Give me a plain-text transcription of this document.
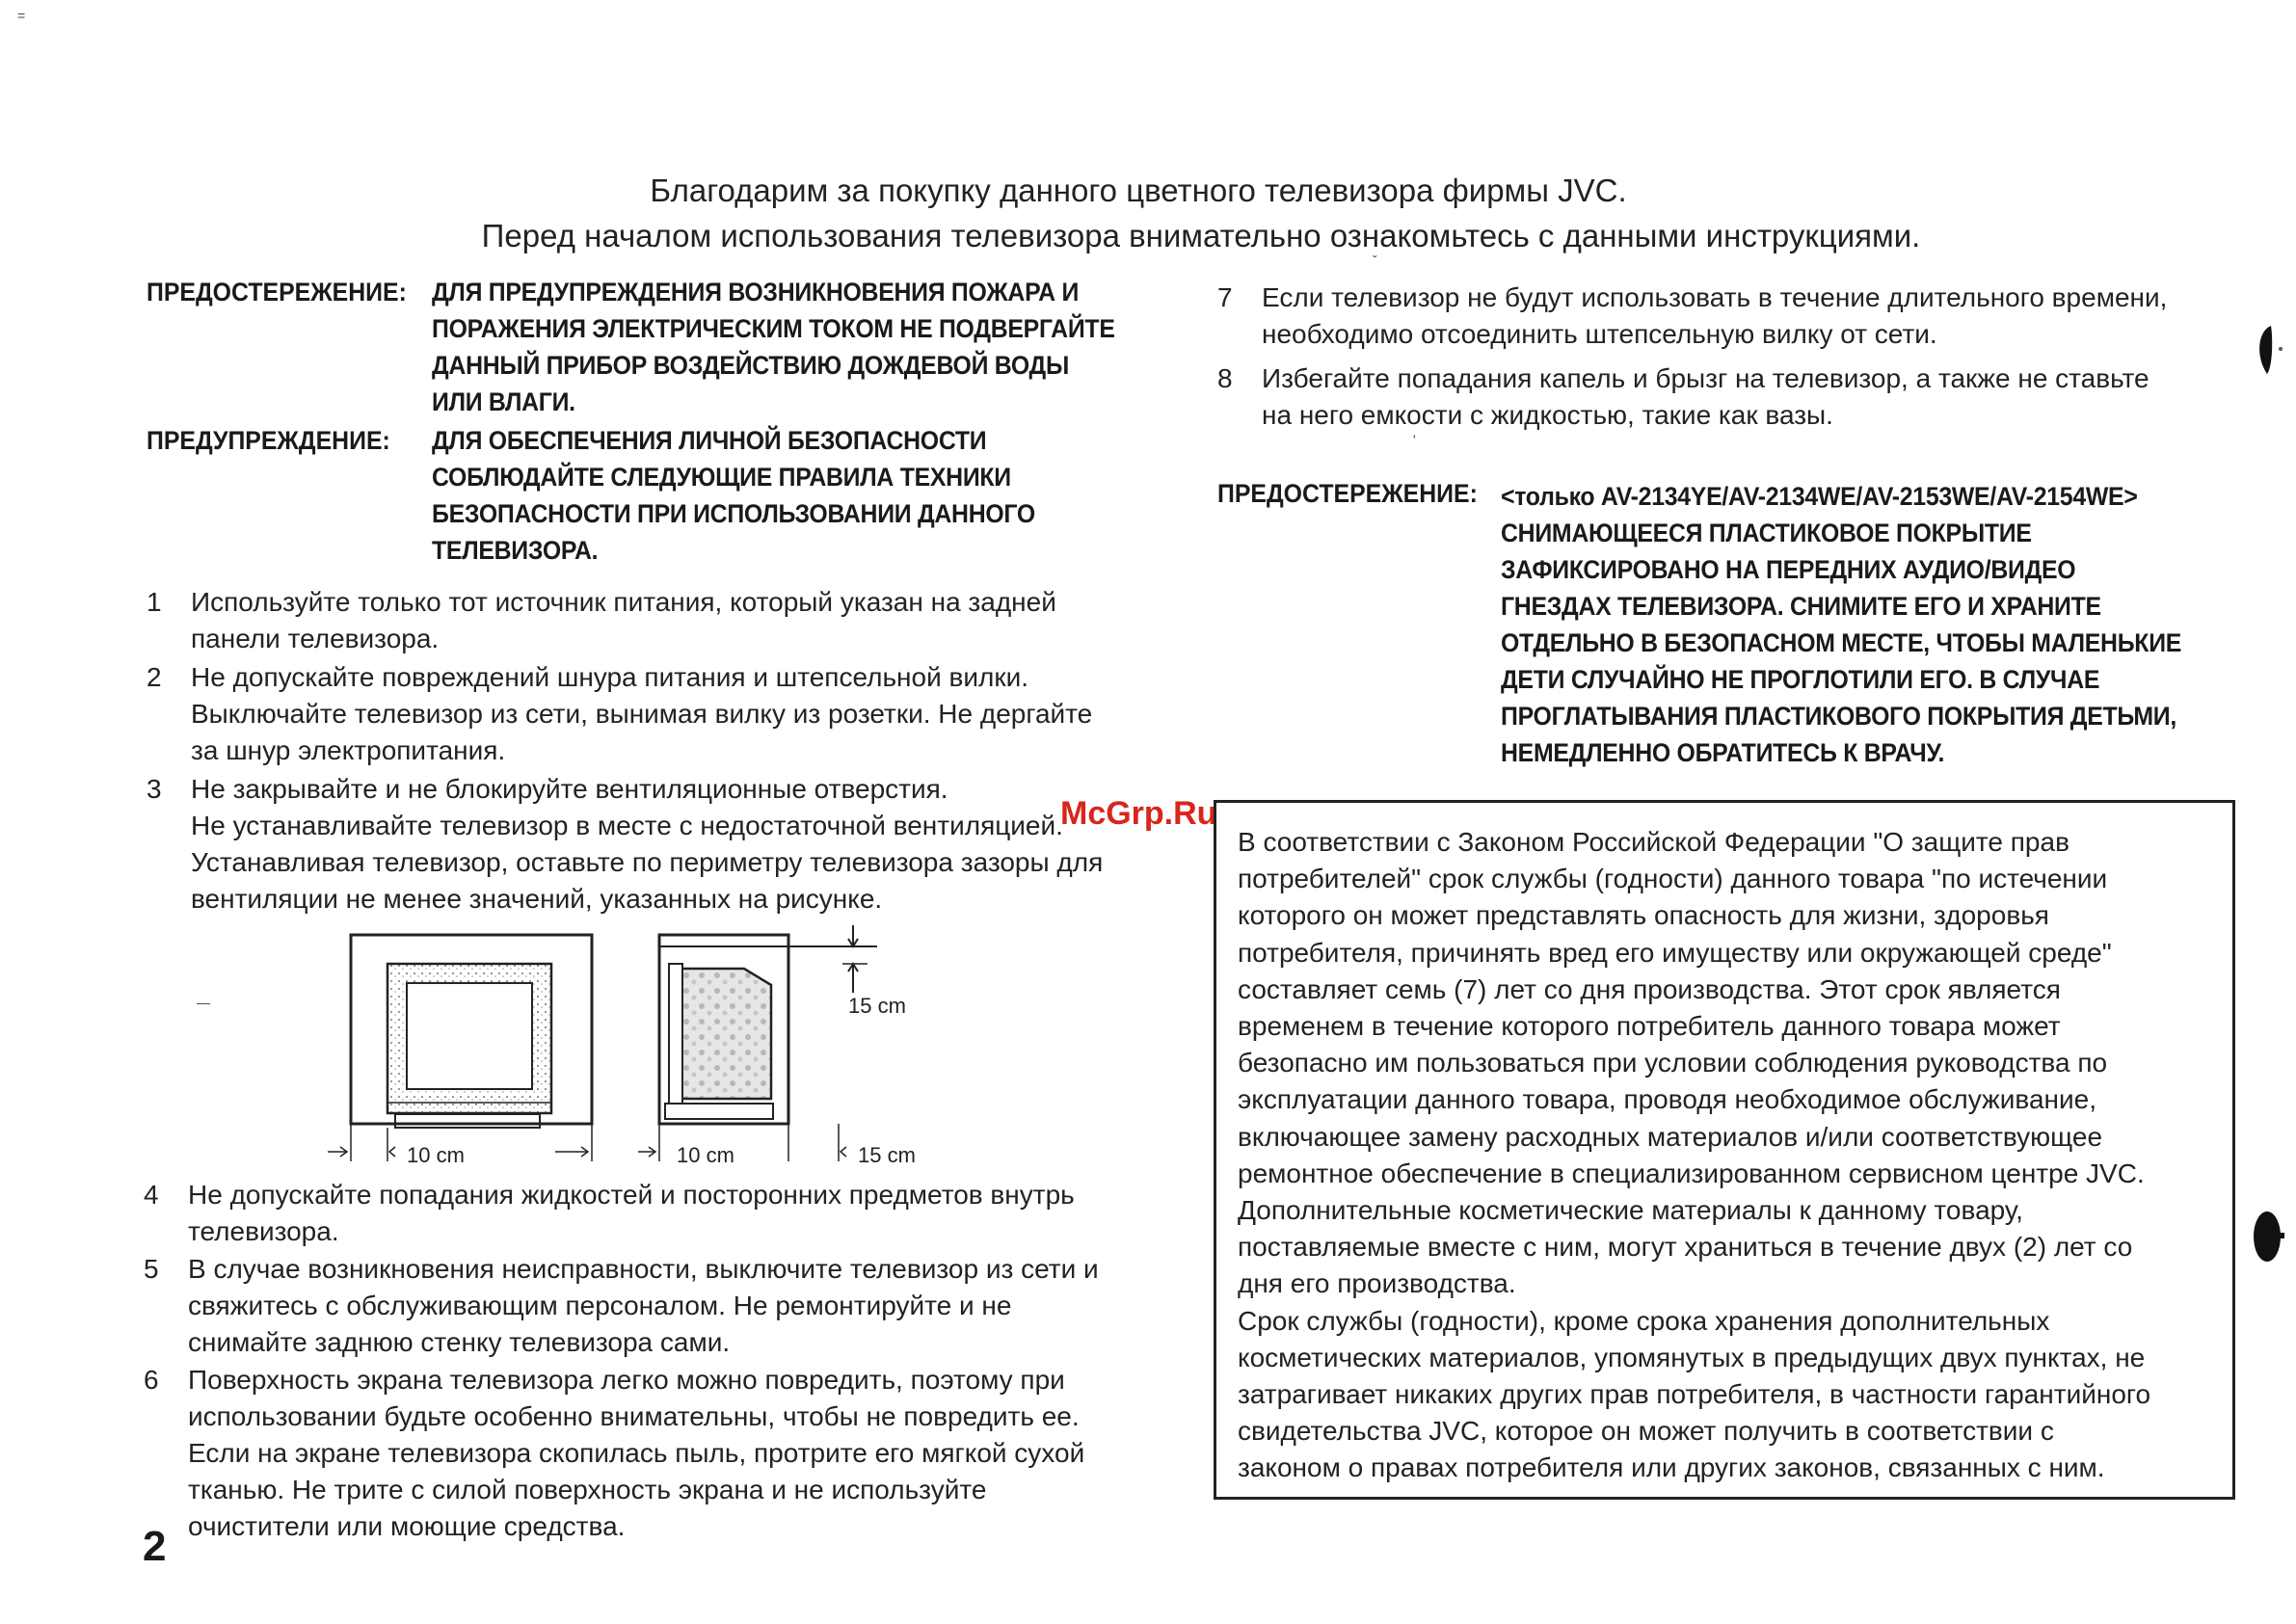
=
Благодарим за покупку данного цветного телевизора фирмы JVC.
Перед началом использования телевизора внимательно ознакомьтесь с данными инструкциями.
ПРЕДОСТЕРЕЖЕНИЕ: ДЛЯ ПРЕДУПРЕЖДЕНИЯ ВОЗНИКНОВЕНИЯ ПОЖАРА И
ПОРАЖЕНИЯ ЭЛЕКТРИЧЕСКИМ ТОКОМ НЕ ПОДВЕРГАЙТЕ
ДАННЫЙ ПРИБОР ВОЗДЕЙСТВИЮ ДОЖДЕВОЙ ВОДЫ
ИЛИ ВЛАГИ.
ПРЕДУПРЕЖДЕНИЕ: ДЛЯ ОБЕСПЕЧЕНИЯ ЛИЧНОЙ БЕЗОПАСНОСТИ
СОБЛЮДАЙТЕ СЛЕДУЮЩИЕ ПРАВИЛА ТЕХНИКИ
БЕЗОПАСНОСТИ ПРИ ИСПОЛЬЗОВАНИИ ДАННОГО
ТЕЛЕВИЗОРА.
1 Используйте только тот источник питания, который указан на задней
панели телевизора.
2 Не допускайте повреждений шнура питания и штепсельной вилки.
Выключайте телевизор из сети, вынимая вилку из розетки. Не дергайте
за шнур электропитания.
3 Не закрывайте и не блокируйте вентиляционные отверстия.
Не устанавливайте телевизор в месте с недостаточной вентиляцией.
Устанавливая телевизор, оставьте по периметру телевизора зазоры для
вентиляции не менее значений, указанных на рисунке.
McGrp.Ru
15 cm
10 cm	10 cm	15 cm
—
4 Не допускайте попадания жидкостей и посторонних предметов внутрь
телевизора.
5 В случае возникновения неисправности, выключите телевизор из сети и
свяжитесь с обслуживающим персоналом. Не ремонтируйте и не
снимайте заднюю стенку телевизора сами.
6 Поверхность экрана телевизора легко можно повредить, поэтому при
использовании будьте особенно внимательны, чтобы не повредить ее.
Если на экране телевизора скопилась пыль, протрите его мягкой сухой
тканью. Не трите с силой поверхность экрана и не используйте
очистители или моющие средства.
2
7 Если телевизор не будут использовать в течение длительного времени,
необходимо отсоединить штепсельную вилку от сети.
8 Избегайте попадания капель и брызг на телевизор, а также не ставьте
на него емкости с жидкостью, такие как вазы.
ПРЕДОСТЕРЕЖЕНИЕ: <только AV-2134YE/AV-2134WE/AV-2153WE/AV-2154WE>
СНИМАЮЩЕЕСЯ ПЛАСТИКОВОЕ ПОКРЫТИЕ
ЗАФИКСИРОВАНО НА ПЕРЕДНИХ АУДИО/ВИДЕО
ГНЕЗДАХ ТЕЛЕВИЗОРА. СНИМИТЕ ЕГО И ХРАНИТЕ
ОТДЕЛЬНО В БЕЗОПАСНОМ МЕСТЕ, ЧТОБЫ МАЛЕНЬКИЕ
ДЕТИ СЛУЧАЙНО НЕ ПРОГЛОТИЛИ ЕГО. В СЛУЧАЕ
ПРОГЛАТЫВАНИЯ ПЛАСТИКОВОГО ПОКРЫТИЯ ДЕТЬМИ,
НЕМЕДЛЕННО ОБРАТИТЕСЬ К ВРАЧУ.
В соответствии с Законом Российской Федерации "О защите прав
потребителей" срок службы (годности) данного товара "по истечении
которого он может представлять опасность для жизни, здоровья
потребителя, причинять вред его имуществу или окружающей среде"
составляет семь (7) лет со дня производства. Этот срок является
временем в течение которого потребитель данного товара может
безопасно им пользоваться при условии соблюдения руководства по
эксплуатации данного товара, проводя необходимое обслуживание,
включающее замену расходных материалов и/или соответствующее
ремонтное обеспечение в специализированном сервисном центре JVC.
Дополнительные косметические материалы к данному товару,
поставляемые вместе с ним, могут храниться в течение двух (2) лет со
дня его производства.
Срок службы (годности), кроме срока хранения дополнительных
косметических материалов, упомянутых в предыдущих двух пунктах, не
затрагивает никаких других прав потребителя, в частности гарантийного
свидетельства JVC, которое он может получить в соответствии с
законом о правах потребителя или других законов, связанных с ним.
ˇ
ʹ
